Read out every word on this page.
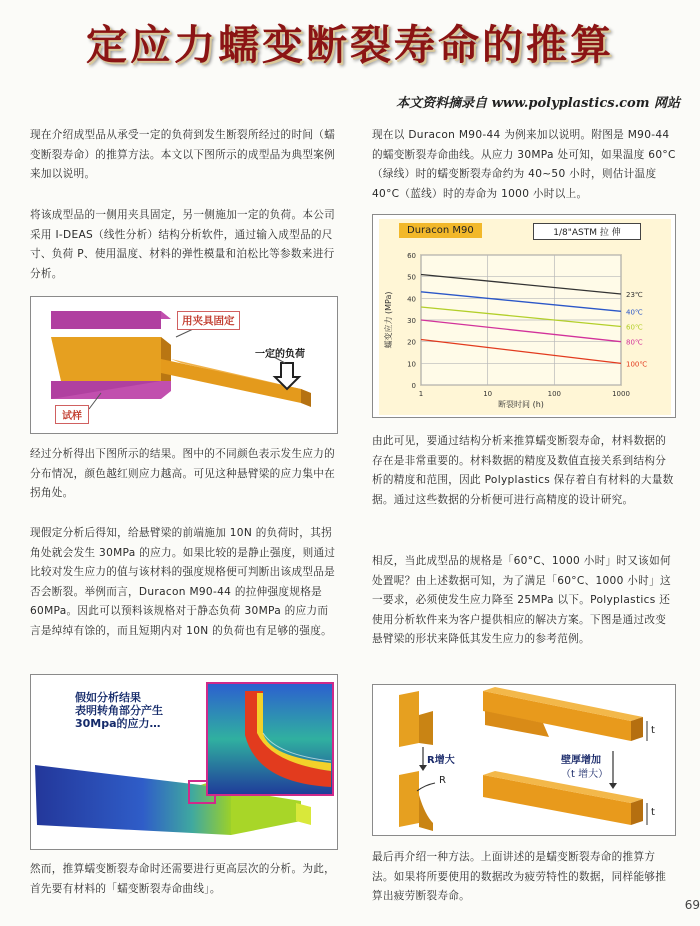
定应力蠕变断裂寿命的推算
本文资料摘录自 www.polyplastics.com 网站
现在介绍成型品从承受一定的负荷到发生断裂所经过的时间（蠕变断裂寿命）的推算方法。本文以下图所示的成型品为典型案例来加以说明。
将该成型品的一侧用夹具固定，另一侧施加一定的负荷。本公司采用 I-DEAS（线性分析）结构分析软件，通过输入成型品的尺寸、负荷 P、使用温度、材料的弹性模量和泊松比等参数来进行分析。
用夹具固定
一定的负荷
试样
经过分析得出下图所示的结果。图中的不同颜色表示发生应力的分布情况，颜色越红则应力越高。可见这种悬臂梁的应力集中在拐角处。
现假定分析后得知，给悬臂梁的前端施加 10N 的负荷时，其拐角处就会发生 30MPa 的应力。如果比较的是静止强度，则通过比较对发生应力的值与该材料的强度规格便可判断出该成型品是否会断裂。举例而言，Duracon M90-44 的拉伸强度规格是 60MPa。因此可以预料该规格对于静态负荷 30MPa 的应力而言是绰绰有馀的，而且短期内对 10N 的负荷也有足够的强度。
假如分析结果
表明转角部分产生
30Mpa的应力…
然而，推算蠕变断裂寿命时还需要进行更高层次的分析。为此，首先要有材料的「蠕变断裂寿命曲线」。
现在以 Duracon M90-44 为例来加以说明。附图是 M90-44 的蠕变断裂寿命曲线。从应力 30MPa 处可知，如果温度 60°C（绿线）时的蠕变断裂寿命约为 40~50 小时，则估计温度 40°C（蓝线）时的寿命为 1000 小时以上。
Duracon M90	1/8"ASTM 拉 伸
0
10
20
30
40
50
60
1	10	100	1000
23℃
40℃
60℃
80℃
100℃
断裂时间 (h)
蠕变应力 (MPa)
由此可见，要通过结构分析来推算蠕变断裂寿命，材料数据的存在是非常重要的。材料数据的精度及数值直接关系到结构分析的精度和范围，因此 Polyplastics 保存着自有材料的大量数据。通过这些数据的分析便可进行高精度的设计研究。
相反，当此成型品的规格是「60°C、1000 小时」时又该如何处置呢？由上述数据可知，为了满足「60°C、1000 小时」这一要求，必须使发生应力降至 25MPa 以下。Polyplastics 还使用分析软件来为客户提供相应的解决方案。下图是通过改变悬臂梁的形状来降低其发生应力的参考范例。
R增大
R
壁厚增加
（t 增大）
t
t
最后再介绍一种方法。上面讲述的是蠕变断裂寿命的推算方法。如果将所要使用的数据改为疲劳特性的数据，同样能够推算出疲劳断裂寿命。
69
